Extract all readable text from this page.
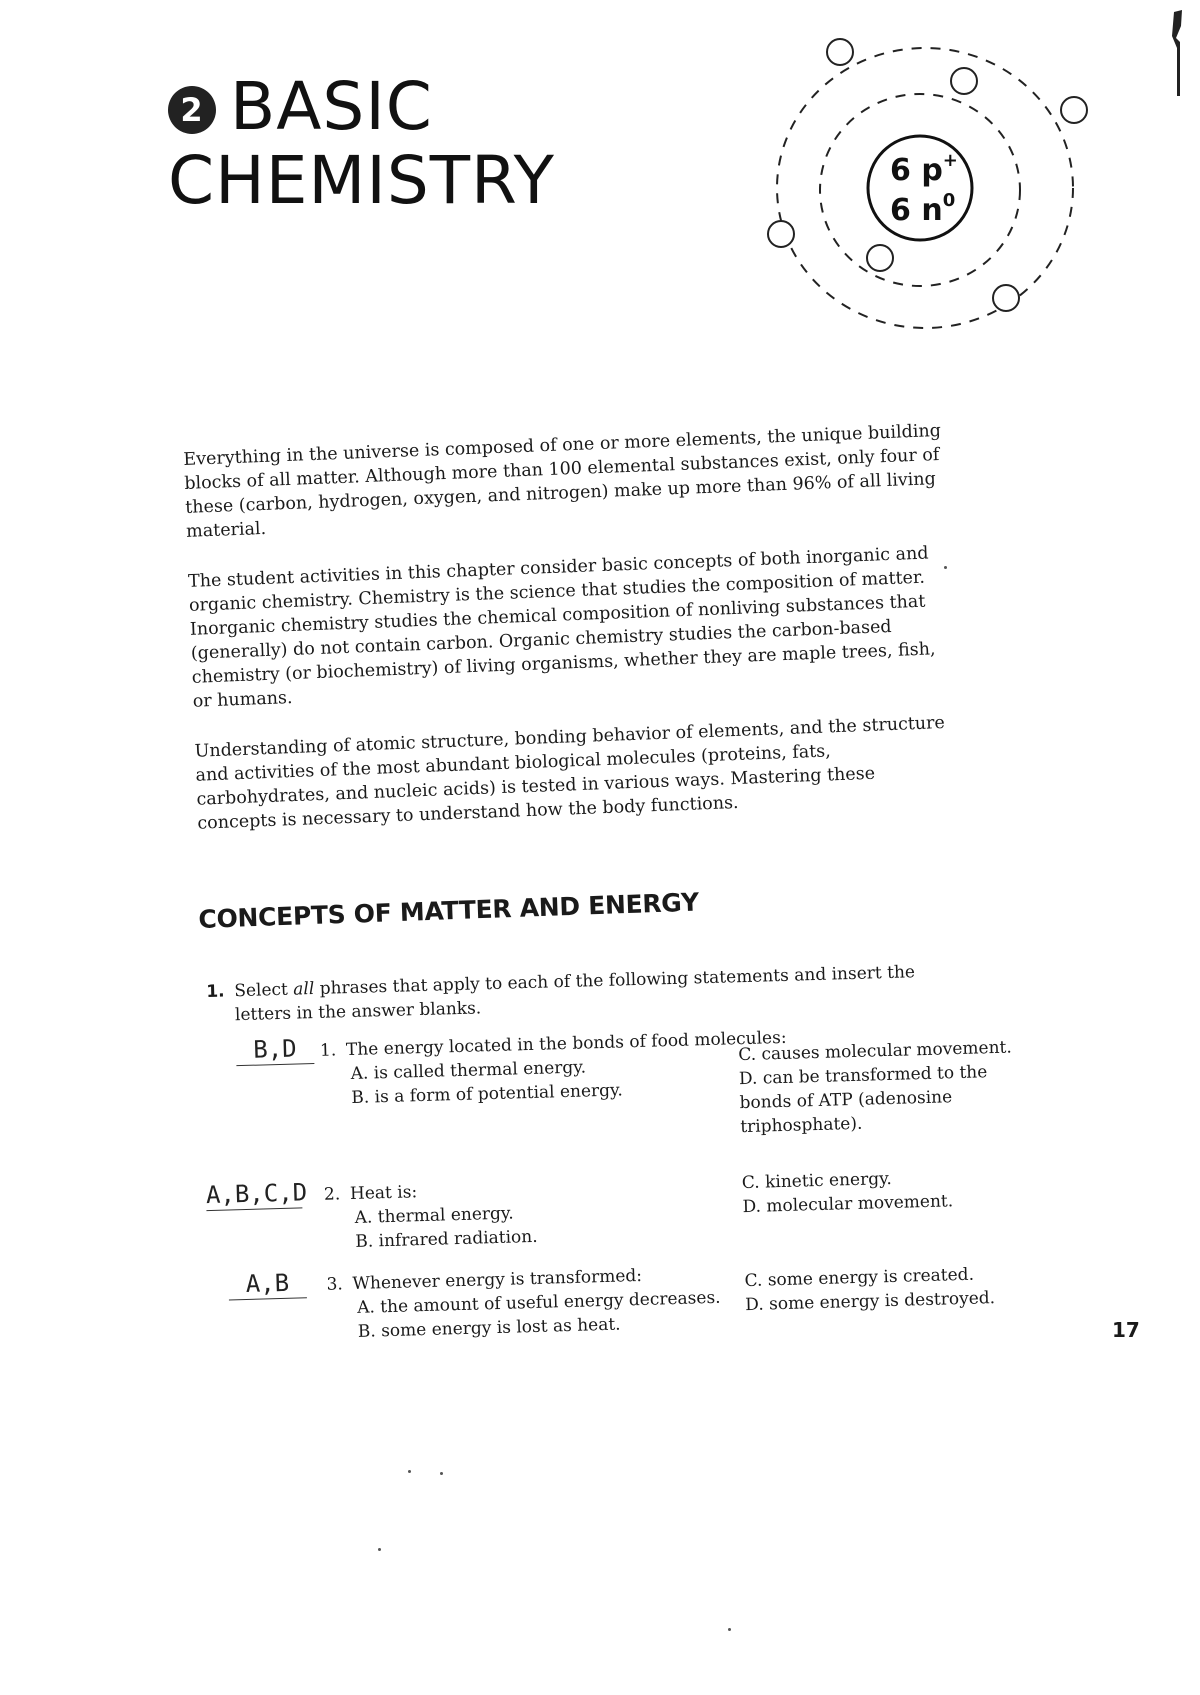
2 BASIC
CHEMISTRY	6 p+
6 $n^0$

Everything in the universe is composed of one or more elements, the unique building blocks of all matter. Although more than 100 elemental substances exist, only four of these (carbon, hydrogen, oxygen, and nitrogen) make up more than 96% of all living material.

The student activities in this chapter consider basic concepts of both inorganic and organic chemistry. Chemistry is the science that studies the composition of matter. Inorganic chemistry studies the chemical composition of nonliving substances that (generally) do not contain carbon. Organic chemistry studies the carbon-based chemistry (or biochemistry) of living organisms, whether they are maple trees, fish, or humans.

Understanding of atomic structure, bonding behavior of elements, and the structure and activities of the most abundant biological molecules (proteins, fats, carbohydrates, and nucleic acids) is tested in various ways. Mastering these concepts is necessary to understand how the body functions.

CONCEPTS OF MATTER AND ENERGY
1. Select all phrases that apply to each of the following statements and insert the letters in the answer blanks.
B,D	1. The energy located in the bonds of food molecules:
A. is called thermal energy.
B. is a form of potential energy.
C. causes molecular movement.
D. can be transformed to the bonds of ATP (adenosine triphosphate).
A,B,C,D 2. Heat is:
A. thermal energy.
B. infrared radiation.
C. kinetic energy.
D. molecular movement.
A,B	3. Whenever energy is transformed:
A. the amount of useful energy decreases.
B. some energy is lost as heat.
C. some energy is created.
D. some energy is destroyed.
17
